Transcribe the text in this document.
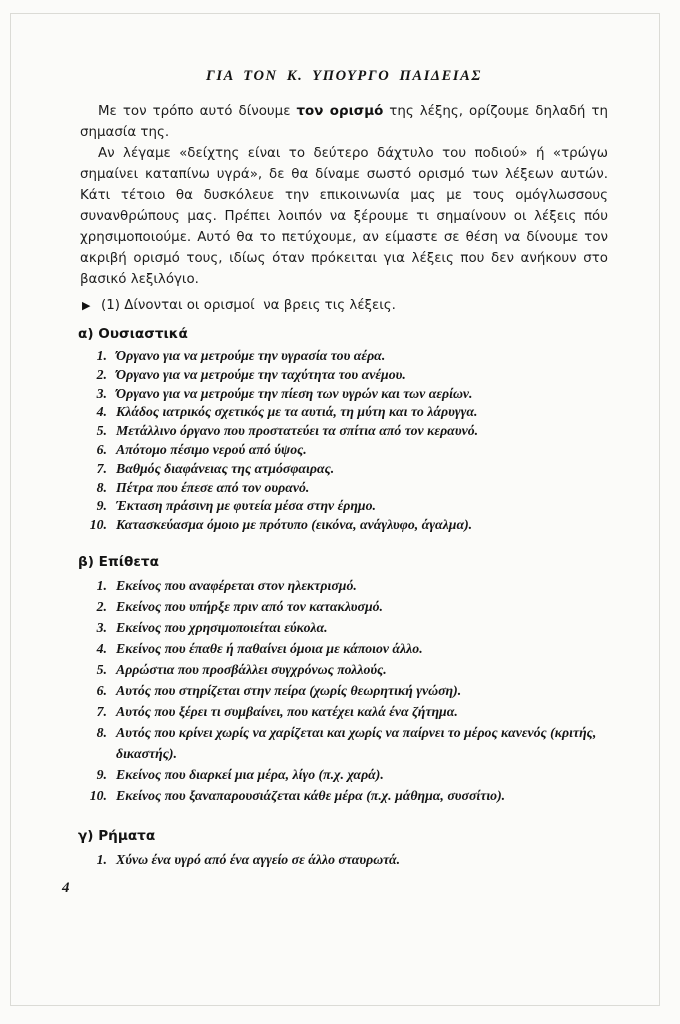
ΓΙΑ ΤΟΝ Κ. ΥΠΟΥΡΓΟ ΠΑΙΔΕΙΑΣ

Με τον τρόπο αυτό δίνουμε τον ορισμό της λέξης, ορίζουμε δηλαδή τη σημασία της.

Αν λέγαμε «δείχτης είναι το δεύτερο δάχτυλο του ποδιού» ή «τρώγω σημαίνει καταπίνω υγρά», δε θα δίναμε σωστό ορισμό των λέξεων αυτών. Κάτι τέτοιο θα δυσκόλευε την επικοινωνία μας με τους ομόγλωσσους συνανθρώπους μας. Πρέπει λοιπόν να ξέρουμε τι σημαίνουν οι λέξεις πόυ χρησιμοποιούμε. Αυτό θα το πετύχουμε, αν είμαστε σε θέση να δίνουμε τον ακριβή ορισμό τους, ιδίως όταν πρόκειται για λέξεις που δεν ανήκουν στο βασικό λεξιλόγιο.

▶ (1) Δίνονται οι ορισμοί  να βρεις τις λέξεις.
α) Ουσιαστικά
1. Όργανο για να μετρούμε την υγρασία του αέρα.
2. Όργανο για να μετρούμε την ταχύτητα του ανέμου.
3. Όργανο για να μετρούμε την πίεση των υγρών και των αερίων.
4. Κλάδος ιατρικός σχετικός με τα αυτιά, τη μύτη και το λάρυγγα.
5. Μετάλλινο όργανο που προστατεύει τα σπίτια από τον κεραυνό.
6. Απότομο πέσιμο νερού από ύψος.
7. Βαθμός διαφάνειας της ατμόσφαιρας.
8. Πέτρα που έπεσε από τον ουρανό.
9. Έκταση πράσινη με φυτεία μέσα στην έρημο.
10. Κατασκεύασμα όμοιο με πρότυπο (εικόνα, ανάγλυφο, άγαλμα).
β) Επίθετα
1. Εκείνος που αναφέρεται στον ηλεκτρισμό.
2. Εκείνος που υπήρξε πριν από τον κατακλυσμό.
3. Εκείνος που χρησιμοποιείται εύκολα.
4. Εκείνος που έπαθε ή παθαίνει όμοια με κάποιον άλλο.
5. Αρρώστια που προσβάλλει συγχρόνως πολλούς.
6. Αυτός που στηρίζεται στην πείρα (χωρίς θεωρητική γνώση).
7. Αυτός που ξέρει τι συμβαίνει, που κατέχει καλά ένα ζήτημα.
8. Αυτός που κρίνει χωρίς να χαρίζεται και χωρίς να παίρνει το μέρος κανενός (κριτής, δικαστής).
9. Εκείνος που διαρκεί μια μέρα, λίγο (π.χ. χαρά).
10. Εκείνος που ξαναπαρουσιάζεται κάθε μέρα (π.χ. μάθημα, συσσίτιο).
γ) Ρήματα
1. Χύνω ένα υγρό από ένα αγγείο σε άλλο σταυρωτά.
4
